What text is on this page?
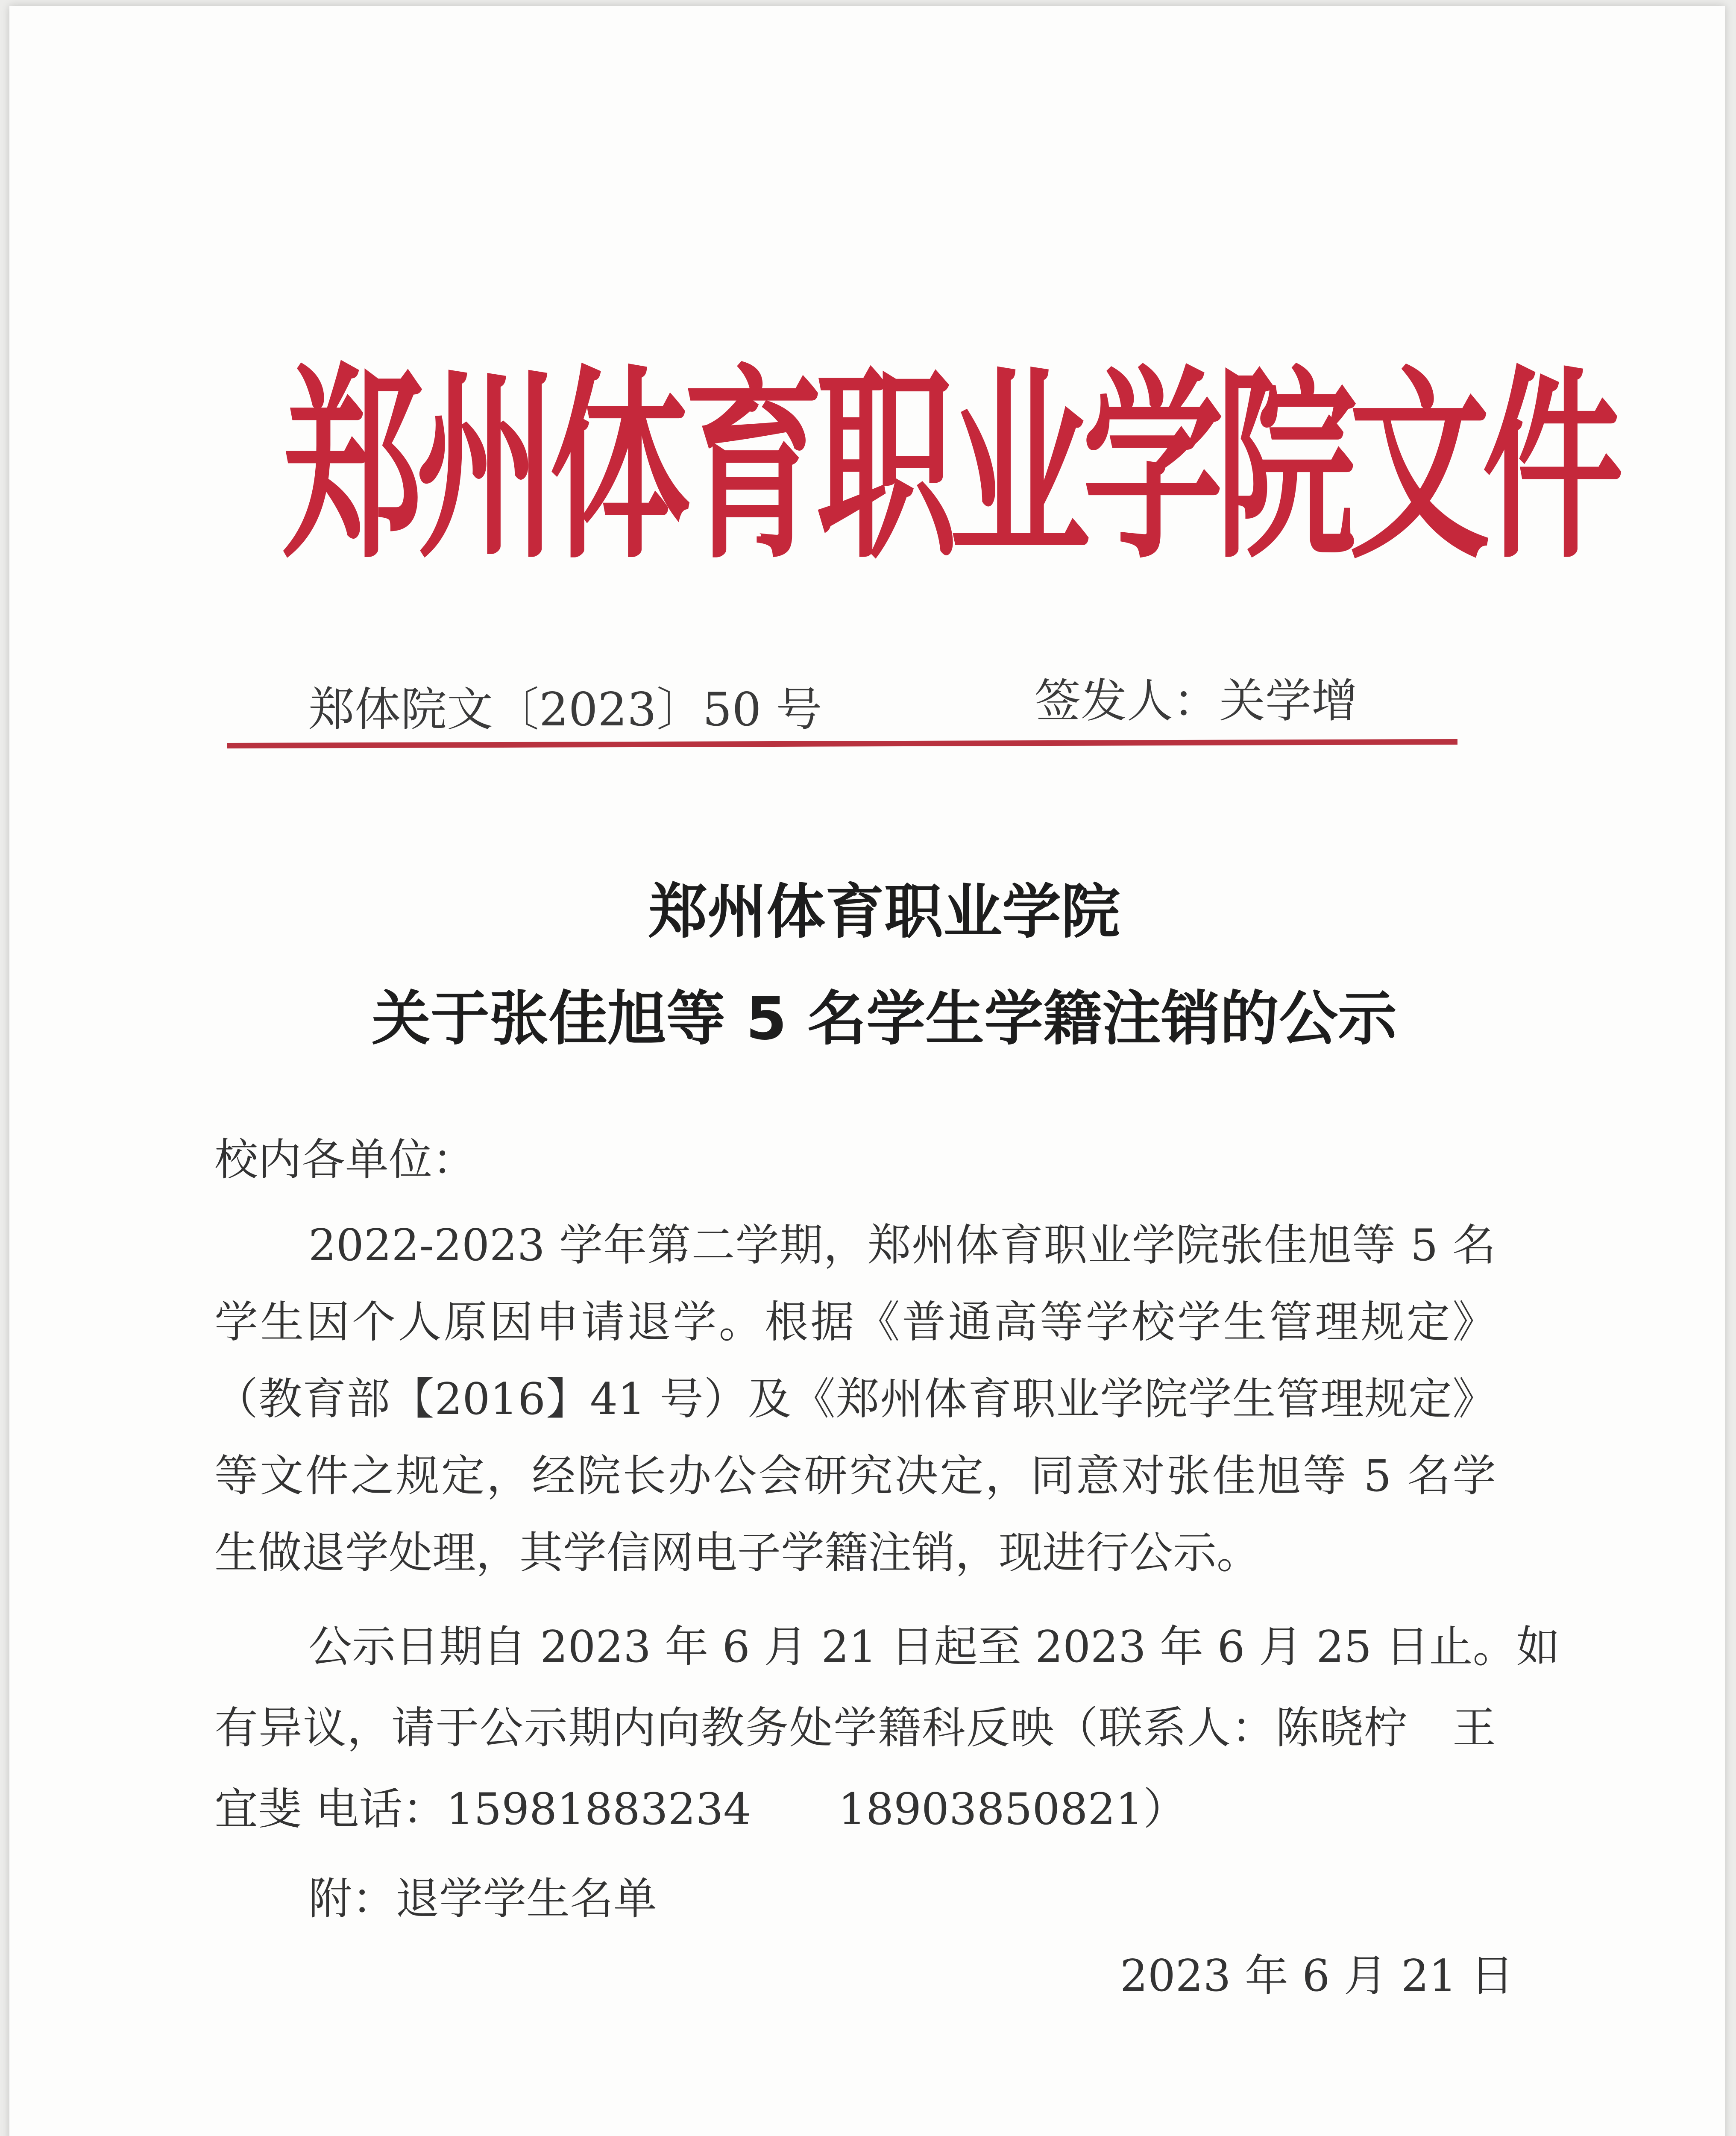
郑州体育职业学院文件
郑体院文〔2023〕50 号	签发人：关学增
郑州体育职业学院
关于张佳旭等 5 名学生学籍注销的公示
校内各单位：
2022-2023 学年第二学期，郑州体育职业学院张佳旭等 5 名
学生因个人原因申请退学。根据《普通高等学校学生管理规定》
（教育部【2016】41 号）及《郑州体育职业学院学生管理规定》
等文件之规定，经院长办公会研究决定，同意对张佳旭等 5 名学
生做退学处理，其学信网电子学籍注销，现进行公示。
公示日期自 2023 年 6 月 21 日起至 2023 年 6 月 25 日止。如
有异议，请于公示期内向教务处学籍科反映（联系人：陈晓柠　王
宜斐 电话：15981883234　　18903850821）
附：退学学生名单
2023 年 6 月 21 日
